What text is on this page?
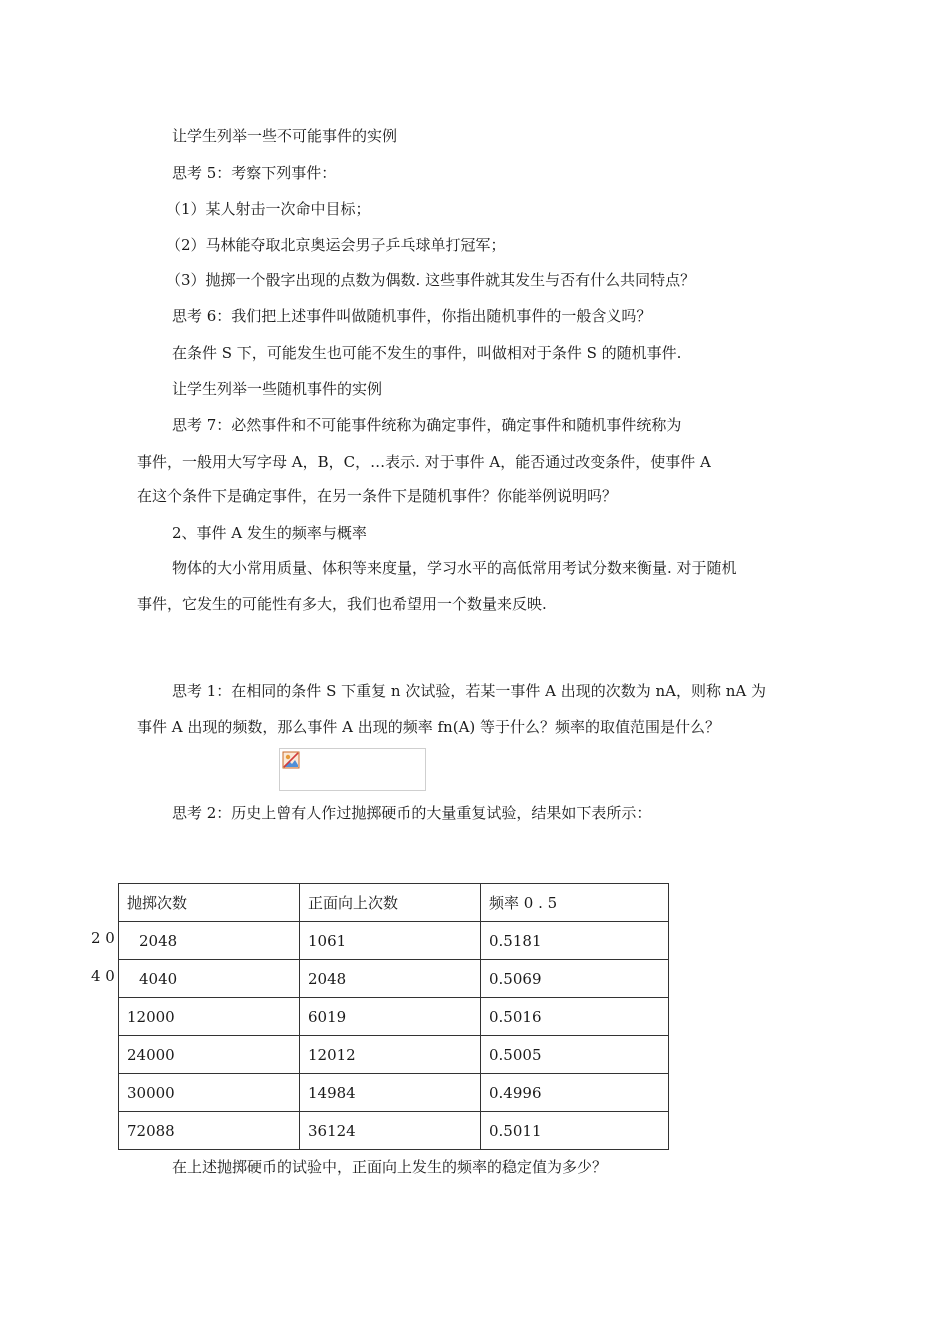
让学生列举一些不可能事件的实例
思考 5：考察下列事件：
（1）某人射击一次命中目标；
（2）马林能夺取北京奥运会男子乒乓球单打冠军；
（3）抛掷一个骰字出现的点数为偶数. 这些事件就其发生与否有什么共同特点？
思考 6：我们把上述事件叫做随机事件，你指出随机事件的一般含义吗？
在条件 S 下，可能发生也可能不发生的事件，叫做相对于条件 S 的随机事件.
让学生列举一些随机事件的实例
思考 7：必然事件和不可能事件统称为确定事件，确定事件和随机事件统称为
事件，一般用大写字母 A，B，C，…表示. 对于事件 A，能否通过改变条件，使事件 A
在这个条件下是确定事件，在另一条件下是随机事件？你能举例说明吗？
2、事件 A 发生的频率与概率
物体的大小常用质量、体积等来度量，学习水平的高低常用考试分数来衡量. 对于随机
事件，它发生的可能性有多大，我们也希望用一个数量来反映.
思考 1：在相同的条件 S 下重复 n 次试验，若某一事件 A 出现的次数为 nA，则称 nA 为
事件 A 出现的频数，那么事件 A 出现的频率 fn(A) 等于什么？频率的取值范围是什么？
思考 2：历史上曾有人作过抛掷硬币的大量重复试验，结果如下表所示：
抛掷次数	正面向上次数	频率 0 . 5
2048	1061	0.5181
4040	2048	0.5069
12000	6019	0.5016
24000	12012	0.5005
30000	14984	0.4996
72088	36124	0.5011
2 0
4 0
在上述抛掷硬币的试验中，正面向上发生的频率的稳定值为多少？
